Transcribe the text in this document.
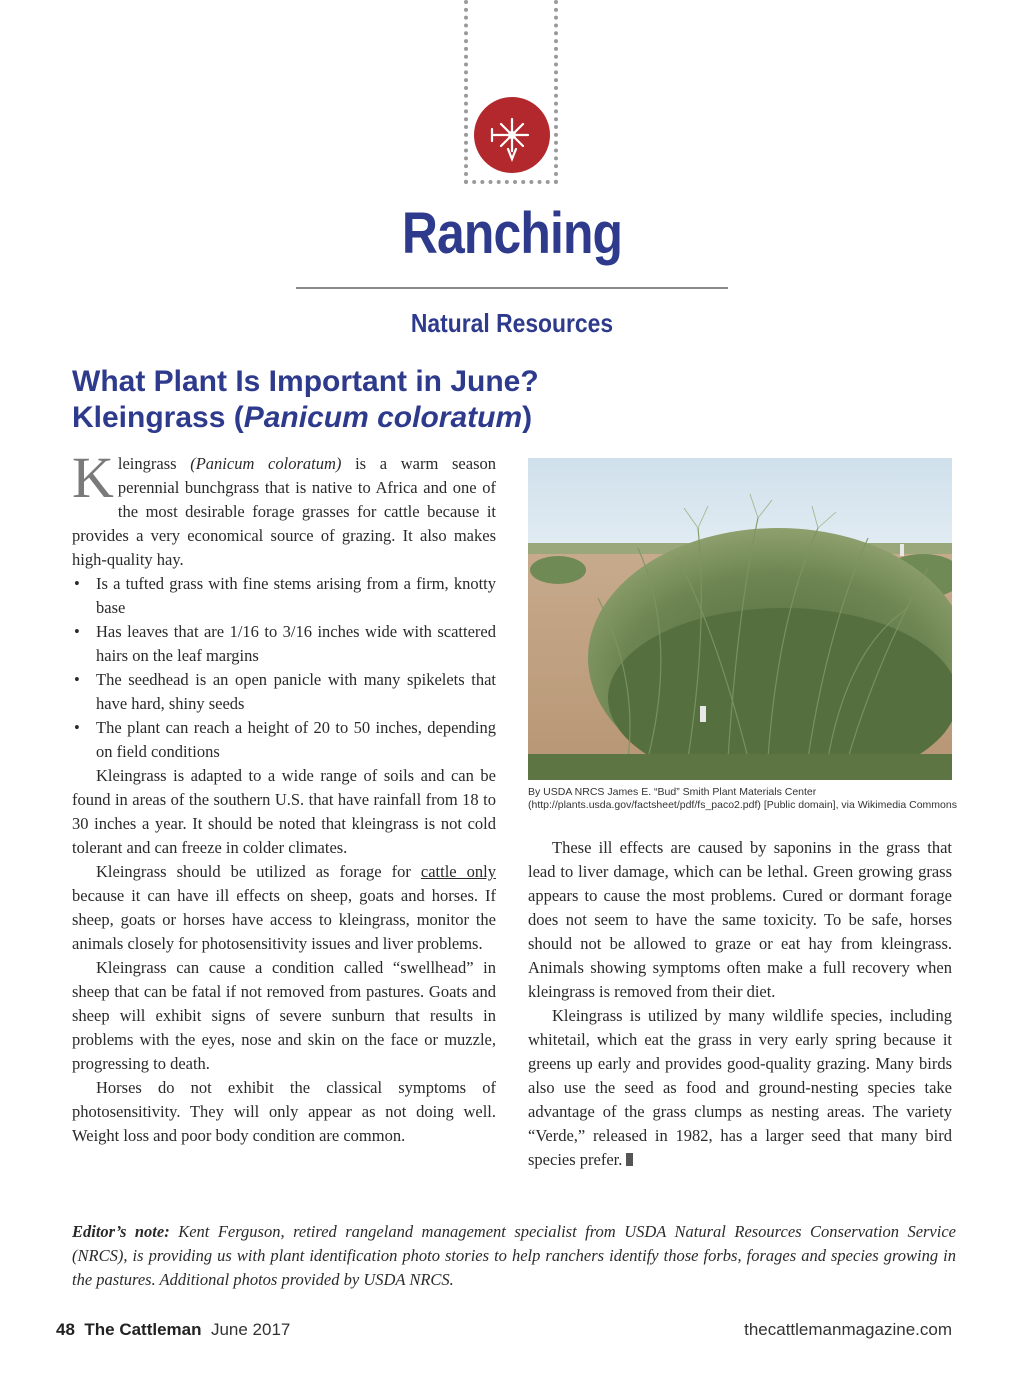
Ranching
Natural Resources
What Plant Is Important in June?
Kleingrass (Panicum coloratum)

Kleingrass (Panicum coloratum) is a warm season perennial bunchgrass that is native to Africa and one of the most desirable forage grasses for cattle because it provides a very economical source of grazing. It also makes high-quality hay.

• Is a tufted grass with fine stems arising from a firm, knotty base
• Has leaves that are 1/16 to 3/16 inches wide with scattered hairs on the leaf margins
• The seedhead is an open panicle with many spikelets that have hard, shiny seeds
• The plant can reach a height of 20 to 50 inches, depending on field conditions

Kleingrass is adapted to a wide range of soils and can be found in areas of the southern U.S. that have rainfall from 18 to 30 inches a year. It should be noted that kleingrass is not cold tolerant and can freeze in colder climates.

Kleingrass should be utilized as forage for cattle only because it can have ill effects on sheep, goats and horses. If sheep, goats or horses have access to kleingrass, monitor the animals closely for photosensitivity issues and liver problems.

Kleingrass can cause a condition called “swellhead” in sheep that can be fatal if not removed from pastures. Goats and sheep will exhibit signs of severe sunburn that results in problems with the eyes, nose and skin on the face or muzzle, progressing to death.

Horses do not exhibit the classical symptoms of photosensitivity. They will only appear as not doing well. Weight loss and poor body condition are common.

By USDA NRCS James E. “Bud” Smith Plant Materials Center (http://plants.usda.gov/factsheet/pdf/fs_paco2.pdf) [Public domain], via Wikimedia Commons

These ill effects are caused by saponins in the grass that lead to liver damage, which can be lethal. Green growing grass appears to cause the most problems. Cured or dormant forage does not seem to have the same toxicity. To be safe, horses should not be allowed to graze or eat hay from kleingrass. Animals showing symptoms often make a full recovery when kleingrass is removed from their diet.

Kleingrass is utilized by many wildlife species, including whitetail, which eat the grass in very early spring because it greens up early and provides good-quality grazing. Many birds also use the seed as food and ground-nesting species take advantage of the grass clumps as nesting areas. The variety “Verde,” released in 1982, has a larger seed that many bird species prefer.

Editor’s note: Kent Ferguson, retired rangeland management specialist from USDA Natural Resources Conservation Service (NRCS), is providing us with plant identification photo stories to help ranchers identify those forbs, forages and species growing in the pastures. Additional photos provided by USDA NRCS.

48 The Cattleman June 2017	thecattlemanmagazine.com
